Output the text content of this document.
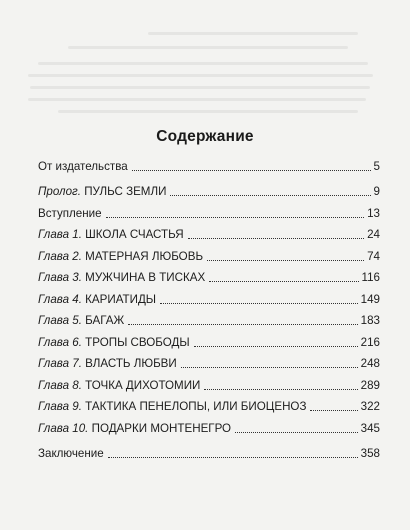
Содержание
От издательства	5
Пролог. ПУЛЬС ЗЕМЛИ	9
Вступление	13
Глава 1. ШКОЛА СЧАСТЬЯ	24
Глава 2. МАТЕРНАЯ ЛЮБОВЬ	74
Глава 3. МУЖЧИНА В ТИСКАХ	116
Глава 4. КАРИАТИДЫ	149
Глава 5. БАГАЖ	183
Глава 6. ТРОПЫ СВОБОДЫ	216
Глава 7. ВЛАСТЬ ЛЮБВИ	248
Глава 8. ТОЧКА ДИХОТОМИИ	289
Глава 9. ТАКТИКА ПЕНЕЛОПЫ, ИЛИ БИОЦЕНОЗ	322
Глава 10. ПОДАРКИ МОНТЕНЕГРО	345
Заключение	358
